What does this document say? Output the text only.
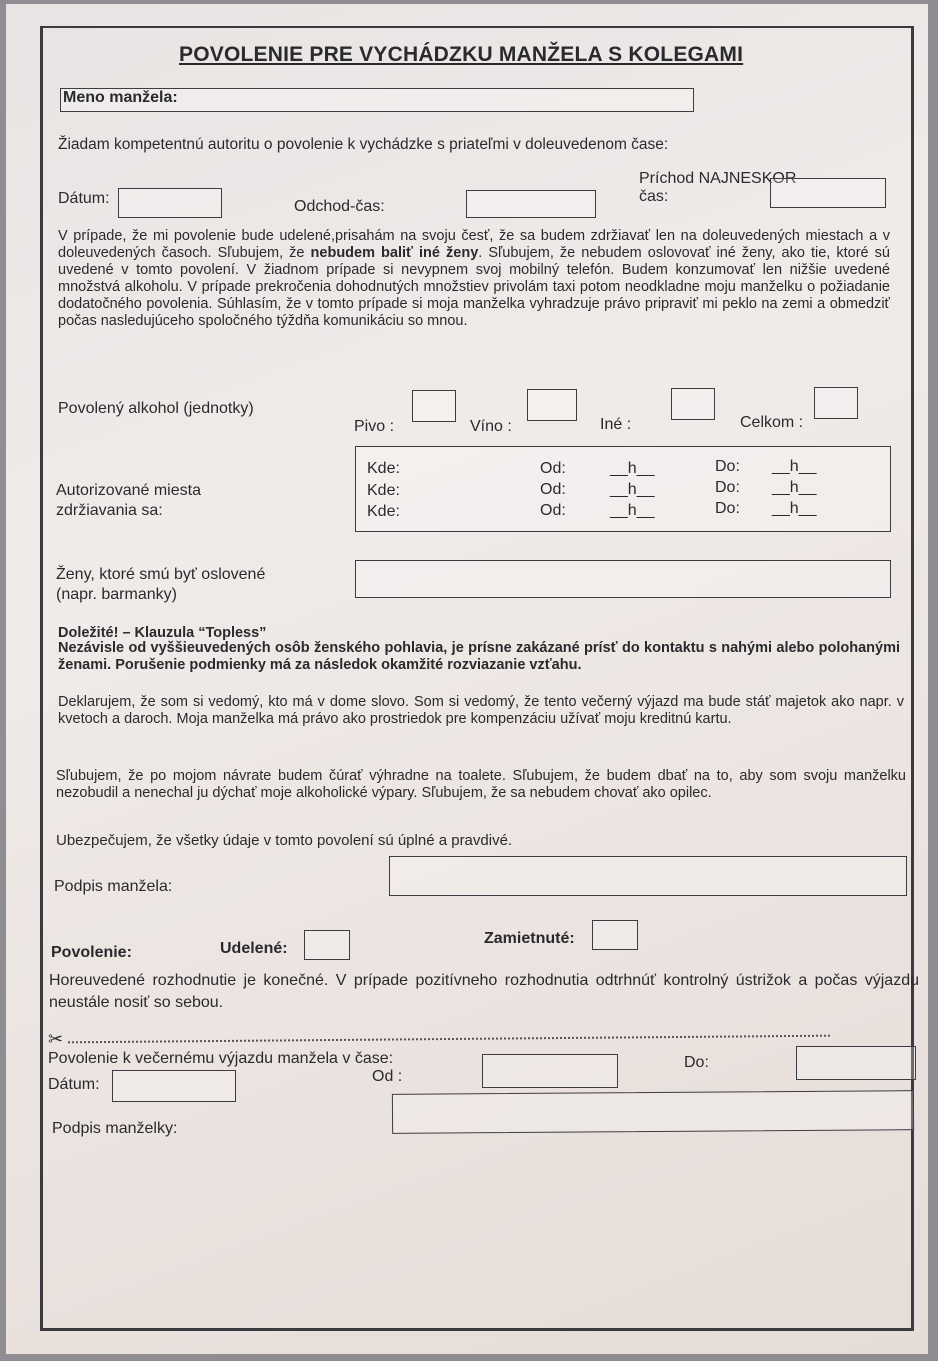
POVOLENIE PRE VYCHÁDZKU MANŽELA S KOLEGAMI
Meno manžela:
Žiadam kompetentnú autoritu o povolenie k vychádzke s priateľmi v doleuvedenom čase:
Dátum:	Odchod-čas:
Príchod NAJNESKOR
čas:
V prípade, že mi povolenie bude udelené,prisahám na svoju česť, že sa budem zdržiavať len na doleuvedených miestach a v doleuvedených časoch. Sľubujem, že nebudem baliť iné ženy. Sľubujem, že nebudem oslovovať iné ženy, ako tie, ktoré sú uvedené v tomto povolení. V žiadnom prípade si nevypnem svoj mobilný telefón. Budem konzumovať len nižšie uvedené množstvá alkoholu. V prípade prekročenia dohodnutých množstiev privolám taxi potom neodkladne moju manželku o požiadanie dodatočného povolenia. Súhlasím, že v tomto prípade si moja manželka vyhradzuje právo pripraviť mi peklo na zemi a obmedziť počas nasledujúceho spoločného týždňa komunikáciu so mnou.
Povolený alkohol (jednotky)
Pivo :	Víno :	Iné :	Celkom :
Autorizované miesta
zdržiavania sa:
Kde:	Od:	__h__	Do: __h__
Kde:	Od:	__h__	Do: __h__
Kde:	Od:	__h__	Do: __h__
Ženy, ktoré smú byť oslovené
(napr. barmanky)
Doležité! – Klauzula “Topless”
Nezávisle od vyššieuvedených osôb ženského pohlavia, je prísne zakázané prísť do kontaktu s nahými alebo polohanými ženami. Porušenie podmienky má za následok okamžité rozviazanie vzťahu.
Deklarujem, že som si vedomý, kto má v dome slovo. Som si vedomý, že tento večerný výjazd ma bude stáť majetok ako napr. v kvetoch a daroch. Moja manželka má právo ako prostriedok pre kompenzáciu užívať moju kreditnú kartu.
Sľubujem, že po mojom návrate budem čúrať výhradne na toalete. Sľubujem, že budem dbať na to, aby som svoju manželku nezobudil a nenechal ju dýchať moje alkoholické výpary. Sľubujem, že sa nebudem chovať ako opilec.
Ubezpečujem, že všetky údaje v tomto povolení sú úplné a pravdivé.
Podpis manžela:
Povolenie:	Udelené:
Zamietnuté:
Horeuvedené rozhodnutie je konečné. V prípade pozitívneho rozhodnutia odtrhnúť kontrolný ústrižok a počas výjazdu neustále nosiť so sebou.
✂
Povolenie k večernému výjazdu manžela v čase:
Dátum:	Od :
Do:
Podpis manželky:
